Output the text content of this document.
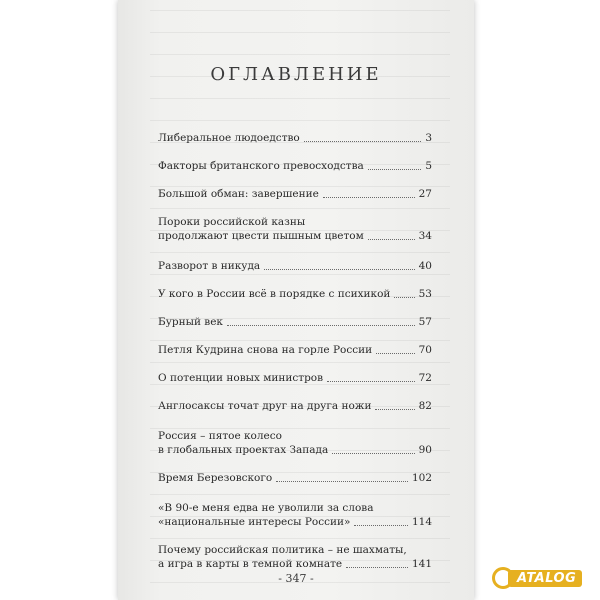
ОГЛАВЛЕНИЕ
Либеральное людоедство	3
Факторы британского превосходства	5
Большой обман: завершение	27
Пороки российской казны
продолжают цвести пышным цветом	34
Разворот в никуда	40
У кого в России всё в порядке с психикой	53
Бурный век	57
Петля Кудрина снова на горле России	70
О потенции новых министров	72
Англосаксы точат друг на друга ножи	82
Россия – пятое колесо
в глобальных проектах Запада	90
Время Березовского	102
«В 90-е меня едва не уволили за слова
«национальные интересы России»	114
Почему российская политика – не шахматы,
а игра в карты в темной комнате	141
- 347 -	ATALOG
